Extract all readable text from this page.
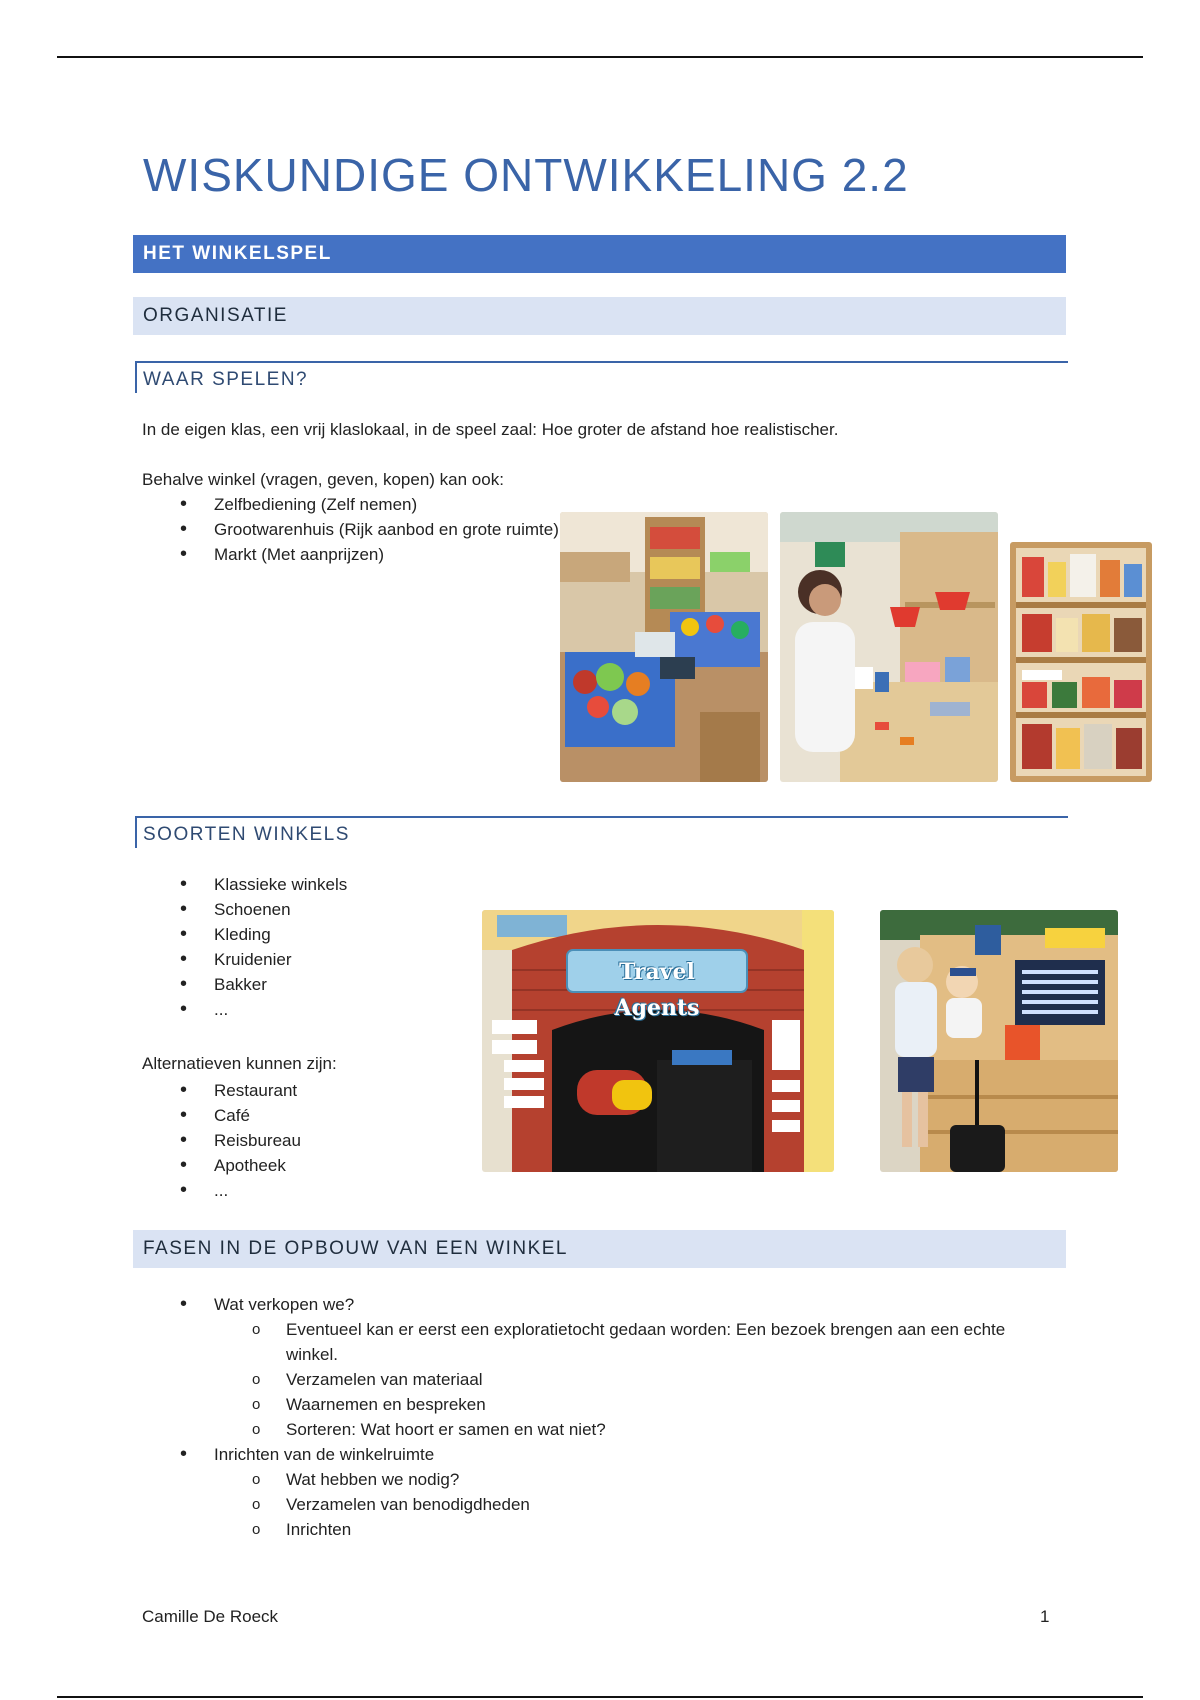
WISKUNDIGE ONTWIKKELING 2.2
HET WINKELSPEL
ORGANISATIE
WAAR SPELEN?

In de eigen klas, een vrij klaslokaal, in de speel zaal: Hoe groter de afstand hoe realistischer.

Behalve winkel (vragen, geven, kopen) kan ook:

• Zelfbediening (Zelf nemen)
• Grootwarenhuis (Rijk aanbod en grote ruimte)
• Markt (Met aanprijzen)
SOORTEN WINKELS
• Klassieke winkels
• Schoenen
• Kleding
• Kruidenier
• Bakker
• ...

Alternatieven kunnen zijn:

• Restaurant
• Café
• Reisbureau
• Apotheek
• ...
Travel Agents
FASEN IN DE OPBOUW VAN EEN WINKEL
• Wat verkopen we?
o Eventueel kan er eerst een exploratietocht gedaan worden: Een bezoek brengen aan een echte winkel.
o Verzamelen van materiaal
o Waarnemen en bespreken
o Sorteren: Wat hoort er samen en wat niet?
• Inrichten van de winkelruimte
o Wat hebben we nodig?
o Verzamelen van benodigdheden
o Inrichten
Camille De Roeck	1
